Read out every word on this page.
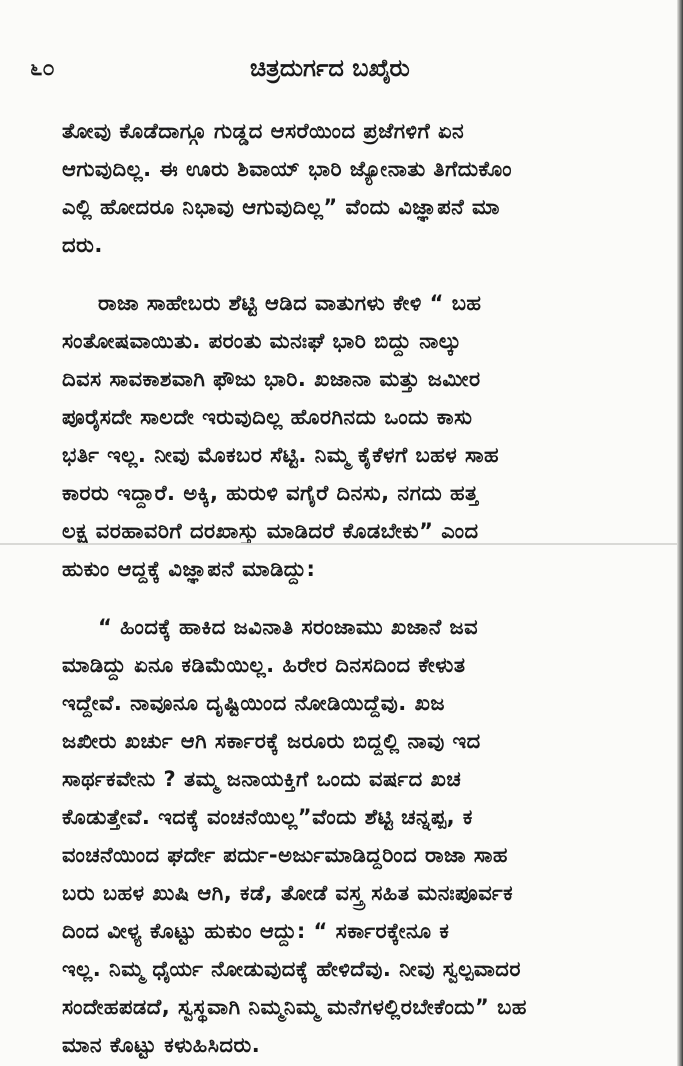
೬೦	ಚಿತ್ರದುರ್ಗದ ಬಖೈರು
ತೋವು ಕೊಡೆದಾಗ್ಗೂ ಗುಡ್ಡದ ಆಸರೆಯಿಂದ ಪ್ರಜೆಗಳಿಗೆ ಏನ
ಆಗುವುದಿಲ್ಲ. ಈ ಊರು ಶಿವಾಯ್ ಭಾರಿ ಜ್ಯೋನಾತು ತಿಗೆದುಕೊಂ
ಎಲ್ಲಿ ಹೋದರೂ ನಿಭಾವು ಆಗುವುದಿಲ್ಲ” ವೆಂದು ವಿಜ್ಞಾಪನೆ ಮಾ
ದರು.
ರಾಜಾ ಸಾಹೇಬರು ಶೆಟ್ಟಿ ಆಡಿದ ವಾತುಗಳು ಕೇಳಿ “ ಬಹ
ಸಂತೋಷವಾಯಿತು. ಪರಂತು ಮನಃಘೆ ಭಾರಿ ಬಿದ್ದು ನಾಲ್ಕು
ದಿವಸ ಸಾವಕಾಶವಾಗಿ ಫೌಜು ಭಾರಿ. ಖಜಾನಾ ಮತ್ತು ಜಮೀರ
ಪೂರೈಸದೇ ಸಾಲದೇ ಇರುವುದಿಲ್ಲ ಹೊರಗಿನದು ಒಂದು ಕಾಸು
ಭರ್ತಿ ಇಲ್ಲ. ನೀವು ಮೊಕಬರ ಸೆಟ್ಟಿ. ನಿಮ್ಮ ಕೈಕೆಳಗೆ ಬಹಳ ಸಾಹ
ಕಾರರು ಇದ್ದಾರೆ. ಅಕ್ಕಿ, ಹುರುಳಿ ವಗೈರೆ ದಿನಸು, ನಗದು ಹತ್ತ
ಲಕ್ಷ ವರಹಾವರಿಗೆ ದರಖಾಸ್ತು ಮಾಡಿದರೆ ಕೊಡಬೇಕು” ಎಂದ
ಹುಕುಂ ಆದ್ದಕ್ಕೆ ವಿಜ್ಞಾಪನೆ ಮಾಡಿದ್ದು:
“ ಹಿಂದಕ್ಕೆ ಹಾಕಿದ ಜವಿನಾತಿ ಸರಂಜಾಮು ಖಜಾನೆ ಜವ
ಮಾಡಿದ್ದು ಏನೂ ಕಡಿಮೆಯಿಲ್ಲ. ಹಿರೇರ ದಿನಸದಿಂದ ಕೇಳುತ
ಇದ್ದೇವೆ. ನಾವೂನೂ ದೃಷ್ಟಿಯಿಂದ ನೋಡಿಯಿದ್ದೆವು. ಖಜ
ಜಖೀರು ಖರ್ಚು ಆಗಿ ಸರ್ಕಾರಕ್ಕೆ ಜರೂರು ಬಿದ್ದಲ್ಲಿ ನಾವು ಇದ
ಸಾರ್ಥಕವೇನು ? ತಮ್ಮ ಜನಾಯಕ್ತಿಗೆ ಒಂದು ವರ್ಷದ ಖಚ
ಕೊಡುತ್ತೇವೆ. ಇದಕ್ಕೆ ವಂಚನೆಯಿಲ್ಲ”ವೆಂದು ಶೆಟ್ಟಿ ಚನ್ನಪ್ಪ, ಕ
ವಂಚನೆಯಿಂದ ಘರ್ದೇ ಪರ್ದು-ಅರ್ಜುಮಾಡಿದ್ದರಿಂದ ರಾಜಾ ಸಾಹ
ಬರು ಬಹಳ ಖುಷಿ ಆಗಿ, ಕಡೆ, ತೋಡೆ ವಸ್ತ್ರ ಸಹಿತ ಮನಃಪೂರ್ವಕ
ದಿಂದ ವೀಳ್ಯ ಕೊಟ್ಟು ಹುಕುಂ ಆದ್ದು: “ ಸರ್ಕಾರಕ್ಕೇನೂ ಕ
ಇಲ್ಲ. ನಿಮ್ಮ ಧೈರ್ಯ ನೋಡುವುದಕ್ಕೆ ಹೇಳಿದೆವು. ನೀವು ಸ್ವಲ್ಪವಾದರ
ಸಂದೇಹಪಡದೆ, ಸ್ವಸ್ಥವಾಗಿ ನಿಮ್ಮನಿಮ್ಮ ಮನೆಗಳಲ್ಲಿರಬೇಕೆಂದು” ಬಹ
ಮಾನ ಕೊಟ್ಟು ಕಳುಹಿಸಿದರು.
